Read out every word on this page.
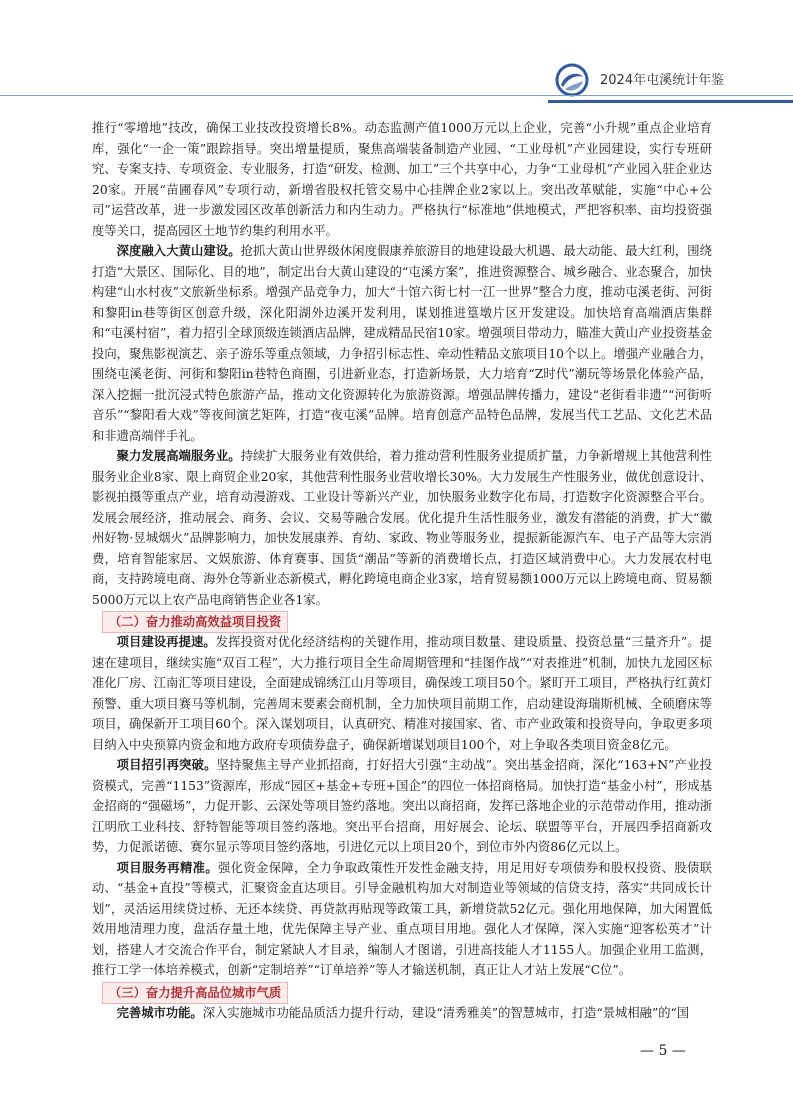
2024年屯溪统计年鉴

推行“零增地”技改，确保工业技改投资增长8%。动态监测产值1000万元以上企业，完善“小升规”重点企业培育库，强化“一企一策”跟踪指导。突出增量提质，聚焦高端装备制造产业园、“工业母机”产业园建设，实行专班研究、专案支持、专项资金、专业服务，打造“研发、检测、加工”三个共享中心，力争“工业母机”产业园入驻企业达20家。开展“苗圃春风”专项行动，新增省股权托管交易中心挂牌企业2家以上。突出改革赋能，实施“中心+公司”运营改革，进一步激发园区改革创新活力和内生动力。严格执行“标准地”供地模式，严把容积率、亩均投资强度等关口，提高园区土地节约集约利用水平。

深度融入大黄山建设。抢抓大黄山世界级休闲度假康养旅游目的地建设最大机遇、最大动能、最大红利，围绕打造“大景区、国际化、目的地”，制定出台大黄山建设的“屯溪方案”，推进资源整合、城乡融合、业态聚合，加快构建“山水村夜”文旅新坐标系。增强产品竞争力，加大“十馆六街七村一江一世界”整合力度，推动屯溪老街、河街和黎阳in巷等街区创意升级，深化阳湖外边溪开发利用，谋划推进篁墩片区开发建设。加快培育高端酒店集群和“屯溪村宿”，着力招引全球顶级连锁酒店品牌，建成精品民宿10家。增强项目带动力，瞄准大黄山产业投资基金投向，聚焦影视演艺、亲子游乐等重点领域，力争招引标志性、牵动性精品文旅项目10个以上。增强产业融合力，围绕屯溪老街、河街和黎阳in巷特色商圈，引进新业态，打造新场景，大力培育“Z时代”潮玩等场景化体验产品，深入挖掘一批沉浸式特色旅游产品，推动文化资源转化为旅游资源。增强品牌传播力，建设“老街看非遗”“河街听音乐”“黎阳看大戏”等夜间演艺矩阵，打造“夜屯溪”品牌。培育创意产品特色品牌，发展当代工艺品、文化艺术品和非遗高端伴手礼。

聚力发展高端服务业。持续扩大服务业有效供给，着力推动营利性服务业提质扩量，力争新增规上其他营利性服务业企业8家、限上商贸企业20家，其他营利性服务业营收增长30%。大力发展生产性服务业，做优创意设计、影视拍摄等重点产业，培育动漫游戏、工业设计等新兴产业，加快服务业数字化布局，打造数字化资源整合平台。发展会展经济，推动展会、商务、会议、交易等融合发展。优化提升生活性服务业，激发有潜能的消费，扩大“徽州好物·昱城烟火”品牌影响力，加快发展康养、育幼、家政、物业等服务业，提振新能源汽车、电子产品等大宗消费，培育智能家居、文娱旅游、体育赛事、国货“潮品”等新的消费增长点，打造区域消费中心。大力发展农村电商，支持跨境电商、海外仓等新业态新模式，孵化跨境电商企业3家，培育贸易额1000万元以上跨境电商、贸易额5000万元以上农产品电商销售企业各1家。

（二）奋力推动高效益项目投资

项目建设再提速。发挥投资对优化经济结构的关键作用，推动项目数量、建设质量、投资总量“三量齐升”。提速在建项目，继续实施“双百工程”，大力推行项目全生命周期管理和“挂图作战”“对表推进”机制，加快九龙园区标准化厂房、江南汇等项目建设，全面建成锦绣江山月等项目，确保竣工项目50个。紧盯开工项目，严格执行红黄灯预警、重大项目赛马等机制，完善周末要素会商机制，全力加快项目前期工作，启动建设海瑞斯机械、全硕磨床等项目，确保新开工项目60个。深入谋划项目，认真研究、精准对接国家、省、市产业政策和投资导向，争取更多项目纳入中央预算内资金和地方政府专项债券盘子，确保新增谋划项目100个，对上争取各类项目资金8亿元。

项目招引再突破。坚持聚焦主导产业抓招商，打好招大引强“主动战”。突出基金招商，深化“163+N”产业投资模式，完善“1153”资源库，形成“园区+基金+专班+国企”的四位一体招商格局。加快打造“基金小村”，形成基金招商的“强磁场”，力促开影、云深处等项目签约落地。突出以商招商，发挥已落地企业的示范带动作用，推动浙江明欣工业科技、舒特智能等项目签约落地。突出平台招商，用好展会、论坛、联盟等平台，开展四季招商新攻势，力促派诺德、赛尔显示等项目签约落地，引进亿元以上项目20个，到位市外内资86亿元以上。

项目服务再精准。强化资金保障，全力争取政策性开发性金融支持，用足用好专项债券和股权投资、股债联动、“基金+直投”等模式，汇聚资金直达项目。引导金融机构加大对制造业等领域的信贷支持，落实“共同成长计划”，灵活运用续贷过桥、无还本续贷、再贷款再贴现等政策工具，新增贷款52亿元。强化用地保障，加大闲置低效用地清理力度，盘活存量土地，优先保障主导产业、重点项目用地。强化人才保障，深入实施“迎客松英才”计划，搭建人才交流合作平台，制定紧缺人才目录，编制人才图谱，引进高技能人才1155人。加强企业用工监测，推行工学一体培养模式，创新“定制培养”“订单培养”等人才输送机制，真正让人才站上发展“C位”。

（三）奋力提升高品位城市气质

完善城市功能。深入实施城市功能品质活力提升行动，建设“清秀雅美”的智慧城市，打造“景城相融”的“国

— 5 —
